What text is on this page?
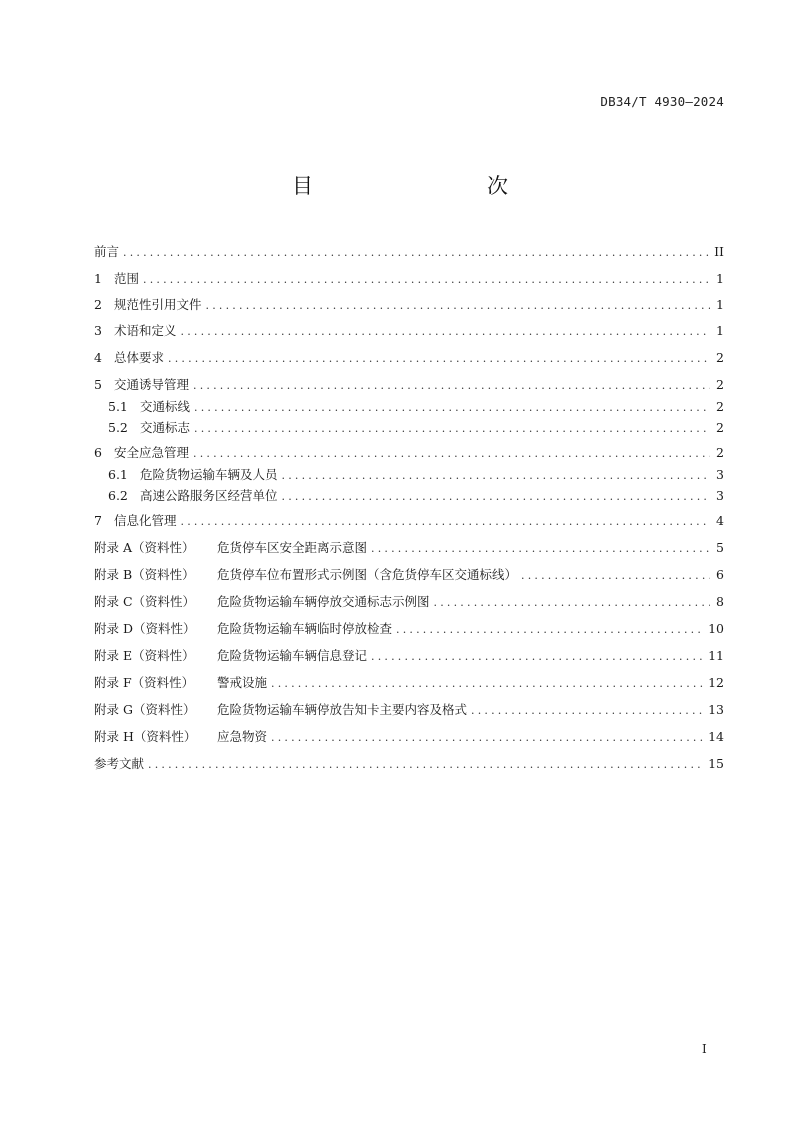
DB34/T 4930—2024
目　　次
前言 .....	II
1 范围 .....	1
2 规范性引用文件 .....	1
3 术语和定义 .....	1
4 总体要求 .....	2
5 交通诱导管理 .....	2
5.1 交通标线 .....	2
5.2 交通标志 .....	2
6 安全应急管理 .....	2
6.1 危险货物运输车辆及人员 .....	3
6.2 高速公路服务区经营单位 .....	3
7 信息化管理 .....	4
附录 A（资料性）	危货停车区安全距离示意图 .....	5
附录 B（资料性）	危货停车位布置形式示例图（含危货停车区交通标线） .....	6
附录 C（资料性）	危险货物运输车辆停放交通标志示例图 .....	8
附录 D（资料性）	危险货物运输车辆临时停放检查 .....	10
附录 E（资料性）	危险货物运输车辆信息登记 .....	11
附录 F（资料性）	警戒设施 .....	12
附录 G（资料性）	危险货物运输车辆停放告知卡主要内容及格式 .....	13
附录 H（资料性）	应急物资 .....	14
参考文献 .....	15
I
